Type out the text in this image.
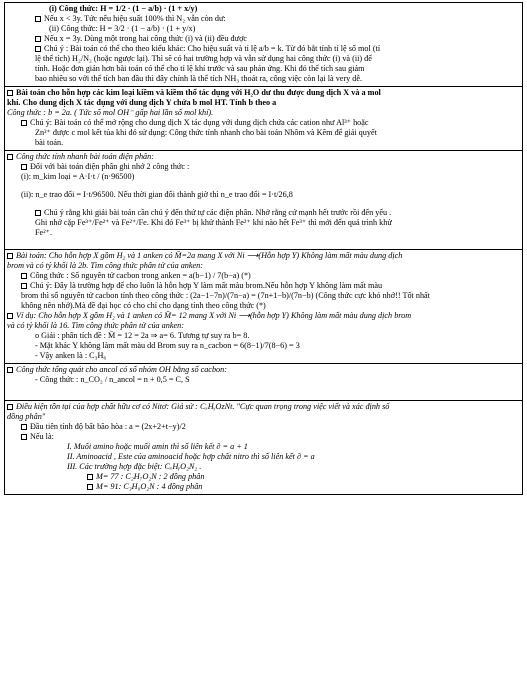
(i) Công thức: H = 1/2 · (1 − a/b) · (1 + x/y)
Nếu x < 3y. Tức nếu hiệu suất 100% thì N₂ vẫn còn dư:
(ii) Công thức: H = 3/2 · (1 − a/b) · (1 + y/x)
Nếu x = 3y. Dùng một trong hai công thức (i) và (ii) đều được
Chú ý : Bài toán có thể cho theo kiểu khác: Cho hiệu suất và tỉ lệ a/b = k. Từ đó bắt tính tỉ lệ số mol (tỉ
lệ thể tích) H₂/N₂ (hoặc ngược lại). Thì sẽ có hai trường hợp và vẫn sử dụng hai công thức (i) và (ii) để
tính. Hoặc đơn giản hơn bài toán có thể cho tỉ lệ khí trước và sau phản ứng. Khi đó thể tích sau giảm
bao nhiêu so với thể tích ban đầu thì đây chính là thể tích NH₃ thoát ra, công việc còn lại là very dễ.
Bài toán cho hỗn hợp các kim loại kiềm và kiềm thổ tác dụng với H₂O dư thu được dung dịch X và a mol
khí. Cho dung dịch X tác dụng với dung dịch Y chứa b mol HT. Tính b theo a
Công thức : b = 2a. ( Tức số mol OH⁻ gấp hai lần số mol khí).
Chú ý: Bài toán có thể mở rộng cho dung dịch X tác dụng với dung dịch chứa các cation như Al³⁺ hoặc
Zn²⁺ được c mol kết tủa khi đó sử dụng: Công thức tính nhanh cho bài toán Nhôm và Kẽm để giải quyết
bài toán.
Công thức tính nhanh bài toán điện phân:
Đối với bài toán điện phân ghi nhớ 2 công thức :
(i): m_kim loại = A·I·t / (n·96500)
(ii): n_e trao đổi = I·t/96500. Nếu thời gian đổi thành giờ thì n_e trao đổi = I·t/26,8
Chú ý rằng khi giải bài toán cần chú ý đến thứ tự các điện phân. Nhớ rằng cứ mạnh hết trước rồi đến yếu .
Ghi nhớ cặp Fe³⁺/Fe²⁺ và Fe²⁺/Fe. Khi đó Fe³⁺ bị khử thành Fe²⁺ khi nào hết Fe³⁺ thì mới đến quá trình khử
Fe²⁺.
Bài toán: Cho hỗn hợp X gồm H₂ và 1 anken có M̄=2a mang X với Ni ⟶(Hỗn hợp Y) Không làm mất màu dung dịch
brom và có tỷ khối là 2b. Tìm công thức phân tử của anken:
Công thức : Số nguyên tử cacbon trong anken = a(b−1) / 7(b−a) (*)
Chú ý: Đây là trường hợp để cho luôn là hỗn hợp Y làm mất màu brom.Nếu hỗn hợp Y không làm mất màu
brom thì số nguyên tử cacbon tính theo công thức : (2a−1−7n)/(7n−a) = (7n+1−b)/(7n−b) (Công thức cực khó nhớ!! Tốt nhất
không nên nhớ).Mà đề đại học có cho chỉ cho dạng tính theo công thức (*)
Ví dụ: Cho hỗn hợp X gồm H₂ và 1 anken có M̄= 12 mang X với Ni ⟶(hỗn hợp Y) Không làm mất màu dung dịch brom
và có tỷ khối là 16. Tìm công thức phân tử của anken:
o Giải : phân tích đề : M̄ = 12 = 2a ⇒ a= 6. Tương tự suy ra b= 8.
- Mặt khác Y không làm mất màu dd Brom suy ra n_cacbon = 6(8−1)/7(8−6) = 3
- Vậy anken là : C₃H₆
Công thức tổng quát cho ancol có số nhóm OH bằng số cacbon:
- Công thức : n_CO₂ / n_ancol = n + 0,5 = C, S
Điều kiện tồn tại của hợp chất hữu cơ có Nitơ: Giả sử : CₓHᵧOzNt. "Cực quan trọng trong việc viết và xác định số
đồng phân"
Đầu tiên tính độ bất bão hòa : a = (2x+2+t−y)/2
Nếu là:
I. Muối amino hoặc muối amin thì số liên kết ∂ = a + 1
II. Aminoacid , Este của aminoacid hoặc hợp chất nitro thì số liên kết ∂ = a
III. Các trường hợp đặc biệt: CₓHᵧO₂N₂ .
M= 77 : C₂H₇O₂N : 2 đồng phân
M= 91: C₃H₉O₂N : 4 đồng phân
